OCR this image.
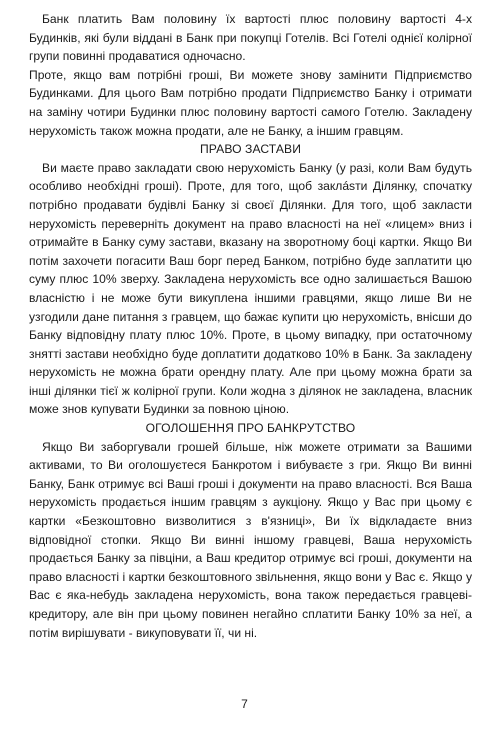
Банк платить Вам половину їх вартості плюс половину вартості 4-х Будинків, які були віддані в Банк при покупці Готелів. Всі Готелі однієї колірної групи повинні продаватися одночасно.

Проте, якщо вам потрібні гроші, Ви можете знову замінити Підприємство Будинками. Для цього Вам потрібно продати Підприємство Банку і отримати на заміну чотири Будинки плюс половину вартості самого Готелю. Закладену нерухомість також можна продати, але не Банку, а іншим гравцям.

ПРАВО ЗАСТАВИ

Ви маєте право закладати свою нерухомість Банку (у разі, коли Вам будуть особливо необхідні гроші). Проте, для того, щоб заклásти Ділянку, спочатку потрібно продавати будівлі Банку зі своєї Ділянки. Для того, щоб закласти нерухомість переверніть документ на право власності на неї «лицем» вниз і отримайте в Банку суму застави, вказану на зворотному боці картки. Якщо Ви потім захочети погасити Ваш борг перед Банком, потрібно буде заплатити цю суму плюс 10% зверху. Закладена нерухомість все одно залишається Вашою власністю і не може бути викуплена іншими гравцями, якщо лише Ви не узгодили дане питання з гравцем, що бажає купити цю нерухомість, внісши до Банку відповідну плату плюс 10%. Проте, в цьому випадку, при остаточному знятті застави необхідно буде доплатити додатково 10% в Банк. За закладену нерухомість не можна брати орендну плату. Але при цьому можна брати за інші ділянки тієї ж колірної групи. Коли жодна з ділянок не закладена, власник може знов купувати Будинки за повною ціною.

ОГОЛОШЕННЯ ПРО БАНКРУТСТВО

Якщо Ви заборгували грошей більше, ніж можете отримати за Вашими активами, то Ви оголошуєтеся Банкротом і вибуваєте з гри. Якщо Ви винні Банку, Банк отримує всі Ваші гроші і документи на право власності. Вся Ваша нерухомість продається іншим гравцям з аукціону. Якщо у Вас при цьому є картки «Безкоштовно визволитися з в'язниці», Ви їх відкладаєте вниз відповідної стопки. Якщо Ви винні іншому гравцеві, Ваша нерухомість продається Банку за півціни, а Ваш кредитор отримує всі гроші, документи на право власності і картки безкоштовного звільнення, якщо вони у Вас є. Якщо у Вас є яка-небудь закладена нерухомість, вона також передається гравцеві-кредитору, але він при цьому повинен негайно сплатити Банку 10% за неї, а потім вирішувати - викуповувати її, чи ні.

7
